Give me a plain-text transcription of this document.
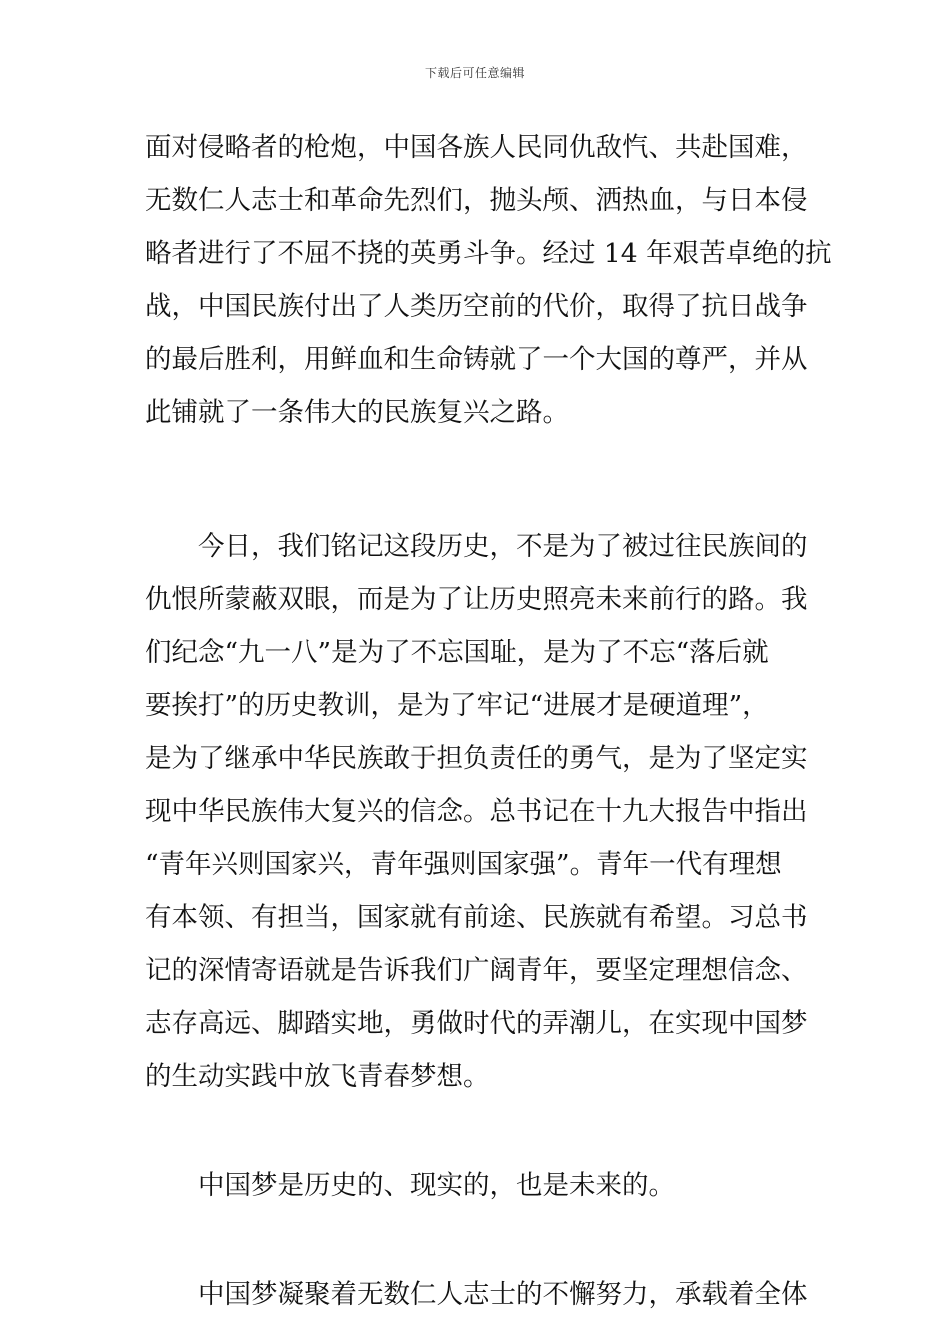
下载后可任意编辑
面对侵略者的枪炮，中国各族人民同仇敌忾、共赴国难，
无数仁人志士和革命先烈们，抛头颅、洒热血，与日本侵
略者进行了不屈不挠的英勇斗争。经过 14 年艰苦卓绝的抗
战，中国民族付出了人类历空前的代价，取得了抗日战争
的最后胜利，用鲜血和生命铸就了一个大国的尊严，并从
此铺就了一条伟大的民族复兴之路。
今日，我们铭记这段历史，不是为了被过往民族间的
仇恨所蒙蔽双眼，而是为了让历史照亮未来前行的路。我
们纪念“九一八”是为了不忘国耻，是为了不忘“落后就
要挨打”的历史教训，是为了牢记“进展才是硬道理”，
是为了继承中华民族敢于担负责任的勇气，是为了坚定实
现中华民族伟大复兴的信念。总书记在十九大报告中指出
“青年兴则国家兴，青年强则国家强”。青年一代有理想
有本领、有担当，国家就有前途、民族就有希望。习总书
记的深情寄语就是告诉我们广阔青年，要坚定理想信念、
志存高远、脚踏实地，勇做时代的弄潮儿，在实现中国梦
的生动实践中放飞青春梦想。
中国梦是历史的、现实的，也是未来的。
中国梦凝聚着无数仁人志士的不懈努力，承载着全体
